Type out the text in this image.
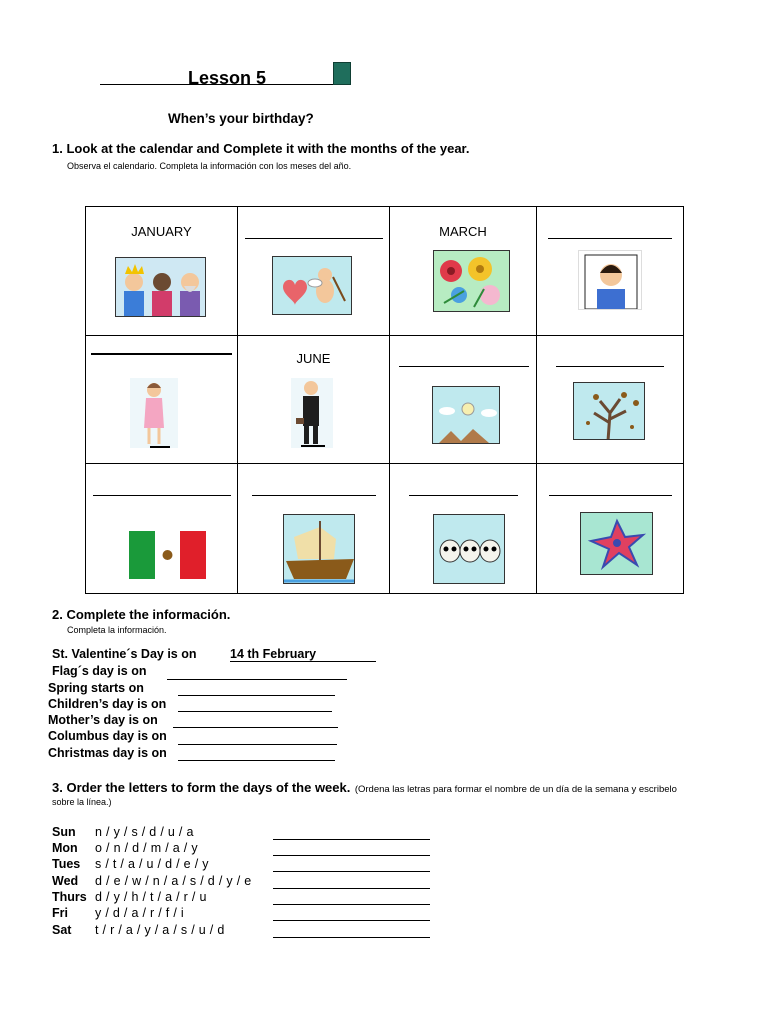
Lesson 5
When’s your birthday?
1. Look at the calendar and Complete it with the months of the year.
Observa el calendario. Completa la información con los meses del año.
JANUARY	MARCH
JUNE
2. Complete the información.
Completa la información.
St. Valentine´s Day is on	14 th February
Flag´s day is on
Spring starts on
Children’s day is on
Mother’s day is on
Columbus day is on
Christmas day is on
3. Order the letters to form the days of the week. (Ordena las letras para formar el nombre de un día de la semana y escribelo
sobre la línea.)
Sun n / y / s / d / u / a
Mon o / n / d / m / a / y
Tues s / t / a / u / d / e / y
Wed d / e / w / n / a / s / d / y / e
Thurs d / y / h / t / a / r / u
Fri y / d / a / r / f / i
Sat t / r / a / y / a / s / u / d
